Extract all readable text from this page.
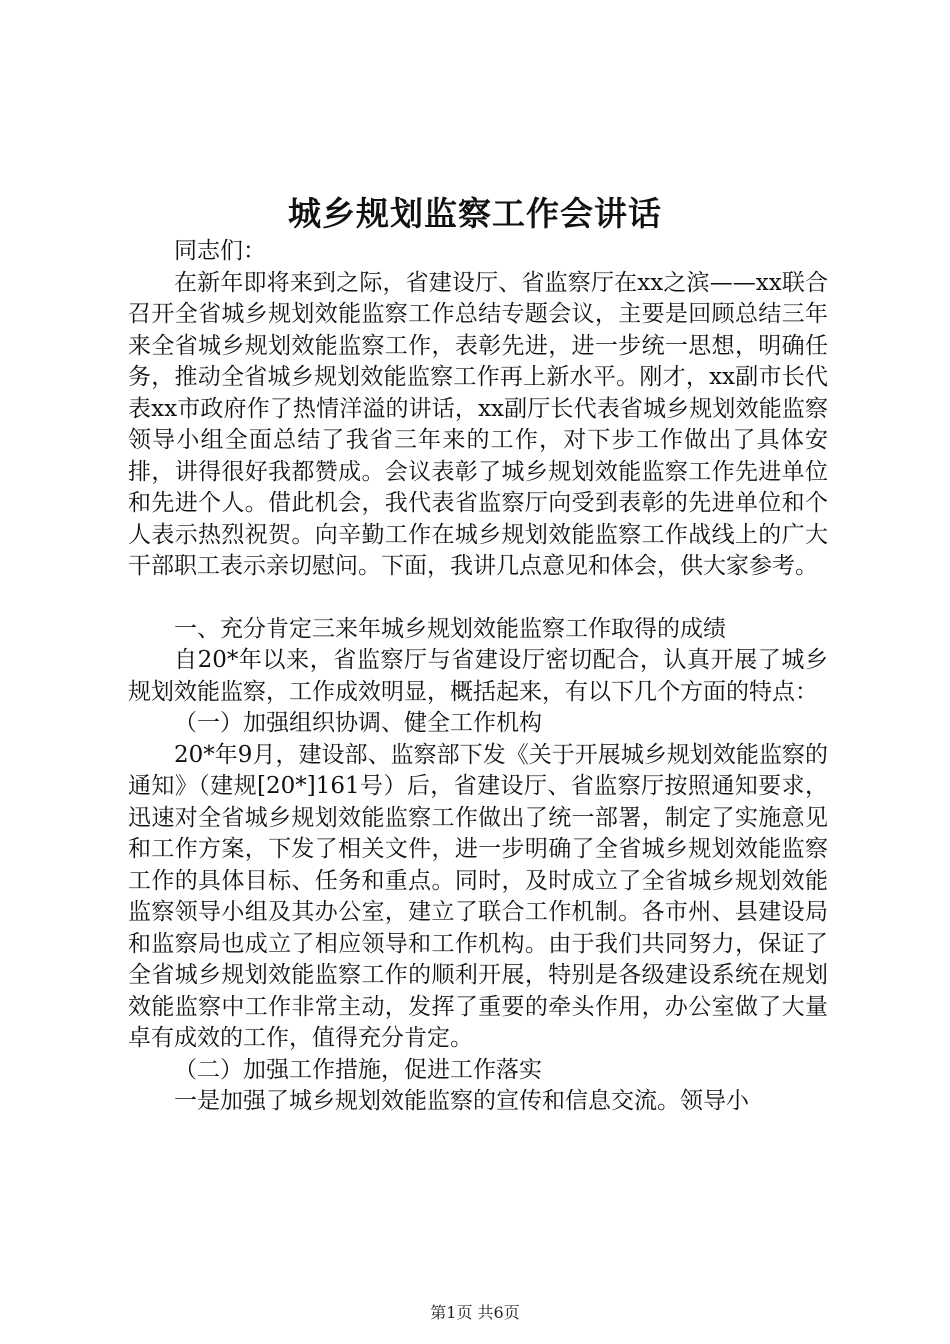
城乡规划监察工作会讲话

同志们：

在新年即将来到之际，省建设厅、省监察厅在xx之滨——xx联合召开全省城乡规划效能监察工作总结专题会议，主要是回顾总结三年来全省城乡规划效能监察工作，表彰先进，进一步统一思想，明确任务，推动全省城乡规划效能监察工作再上新水平。刚才，xx副市长代表xx市政府作了热情洋溢的讲话，xx副厅长代表省城乡规划效能监察领导小组全面总结了我省三年来的工作，对下步工作做出了具体安排，讲得很好我都赞成。会议表彰了城乡规划效能监察工作先进单位和先进个人。借此机会，我代表省监察厅向受到表彰的先进单位和个人表示热烈祝贺。向辛勤工作在城乡规划效能监察工作战线上的广大干部职工表示亲切慰问。下面，我讲几点意见和体会，供大家参考。

一、充分肯定三来年城乡规划效能监察工作取得的成绩

自20*年以来，省监察厅与省建设厅密切配合，认真开展了城乡规划效能监察，工作成效明显，概括起来，有以下几个方面的特点：

（一）加强组织协调、健全工作机构

20*年9月，建设部、监察部下发《关于开展城乡规划效能监察的通知》（建规[20*]161号）后，省建设厅、省监察厅按照通知要求，迅速对全省城乡规划效能监察工作做出了统一部署，制定了实施意见和工作方案，下发了相关文件，进一步明确了全省城乡规划效能监察工作的具体目标、任务和重点。同时，及时成立了全省城乡规划效能监察领导小组及其办公室，建立了联合工作机制。各市州、县建设局和监察局也成立了相应领导和工作机构。由于我们共同努力，保证了全省城乡规划效能监察工作的顺利开展，特别是各级建设系统在规划效能监察中工作非常主动，发挥了重要的牵头作用，办公室做了大量卓有成效的工作，值得充分肯定。

（二）加强工作措施，促进工作落实

一是加强了城乡规划效能监察的宣传和信息交流。领导小

第1页 共6页
